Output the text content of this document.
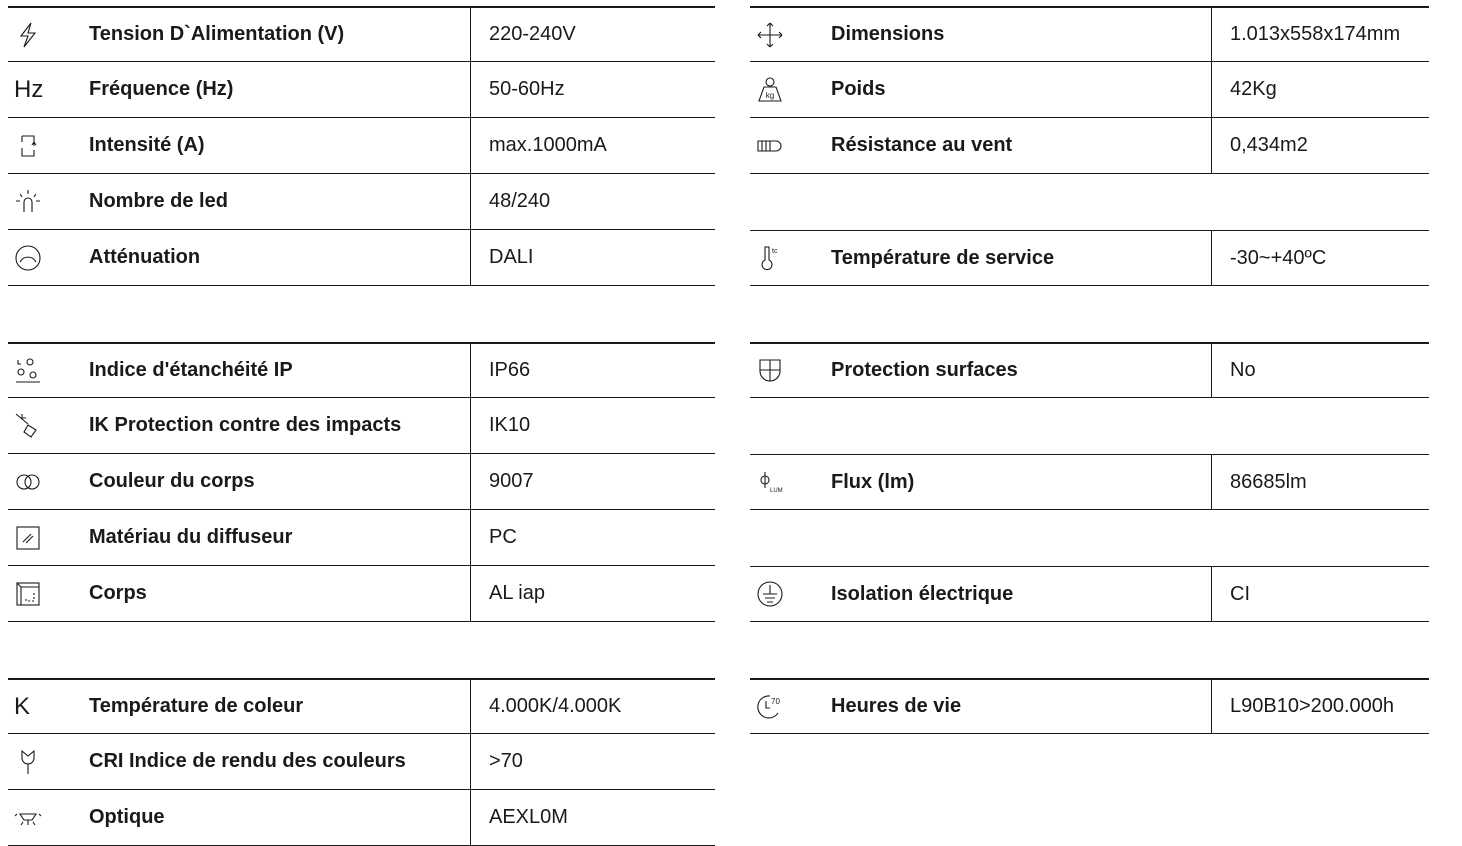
Tension D`Alimentation (V)	220-240V
Hz	Fréquence (Hz)	50-60Hz
Intensité (A)	max.1000mA
Nombre de led	48/240
Atténuation	DALI
Indice d'étanchéité IP	IP66
IK Protection contre des impacts	IK10
Couleur du corps	9007
Matériau du diffuseur	PC
Corps	AL iap
K	Température de coleur	4.000K/4.000K
CRI Indice de rendu des couleurs	>70
Optique	AEXL0M
Dimensions	1.013x558x174mm
kg	Poids	42Kg
Résistance au vent	0,434m2
tc	Température de service	-30~+40ºC
Protection surfaces	No
LUM	Flux (lm)	86685lm
Isolation électrique	CI
70	Heures de vie	L90B10>200.000h
